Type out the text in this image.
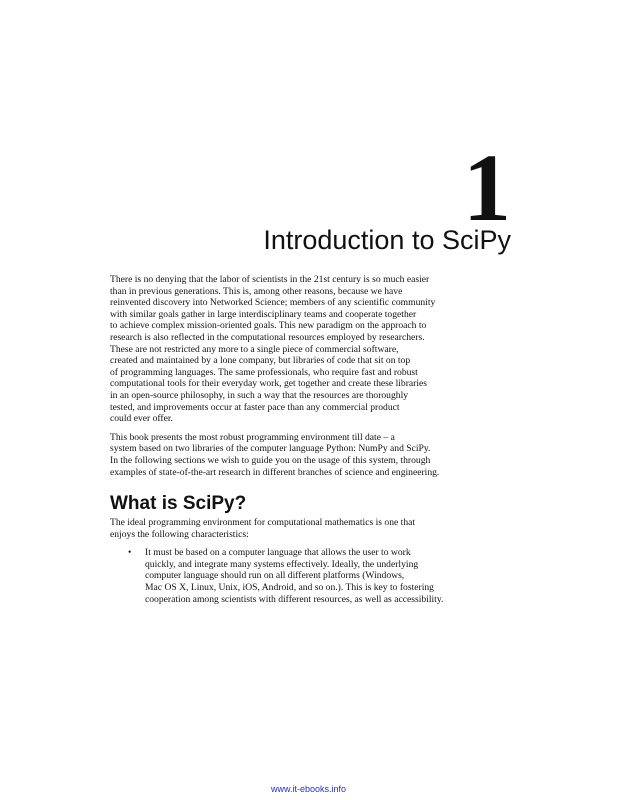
1
Introduction to SciPy
There is no denying that the labor of scientists in the 21st century is so much easier
than in previous generations. This is, among other reasons, because we have
reinvented discovery into Networked Science; members of any scientific community
with similar goals gather in large interdisciplinary teams and cooperate together
to achieve complex mission-oriented goals. This new paradigm on the approach to
research is also reflected in the computational resources employed by researchers.
These are not restricted any more to a single piece of commercial software,
created and maintained by a lone company, but libraries of code that sit on top
of programming languages. The same professionals, who require fast and robust
computational tools for their everyday work, get together and create these libraries
in an open-source philosophy, in such a way that the resources are thoroughly
tested, and improvements occur at faster pace than any commercial product
could ever offer.
This book presents the most robust programming environment till date – a
system based on two libraries of the computer language Python: NumPy and SciPy.
In the following sections we wish to guide you on the usage of this system, through
examples of state-of-the-art research in different branches of science and engineering.
What is SciPy?
The ideal programming environment for computational mathematics is one that
enjoys the following characteristics:
• It must be based on a computer language that allows the user to work
quickly, and integrate many systems effectively. Ideally, the underlying
computer language should run on all different platforms (Windows,
Mac OS X, Linux, Unix, iOS, Android, and so on.). This is key to fostering
cooperation among scientists with different resources, as well as accessibility.
www.it-ebooks.info
